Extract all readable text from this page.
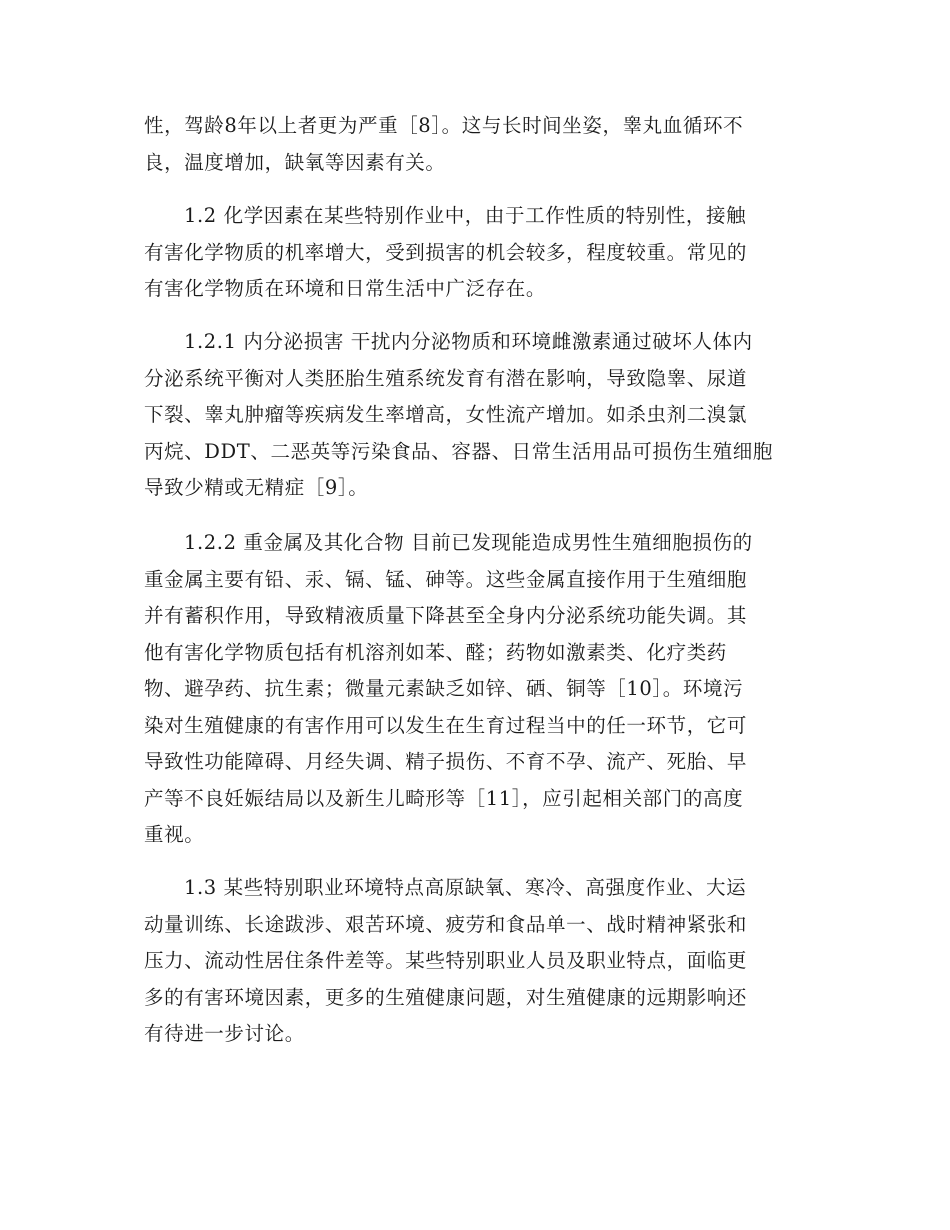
性，驾龄8年以上者更为严重［8］。这与长时间坐姿，睾丸血循环不
良，温度增加，缺氧等因素有关。

1.2 化学因素在某些特别作业中，由于工作性质的特别性，接触
有害化学物质的机率增大，受到损害的机会较多，程度较重。常见的
有害化学物质在环境和日常生活中广泛存在。

1.2.1 内分泌损害 干扰内分泌物质和环境雌激素通过破坏人体内
分泌系统平衡对人类胚胎生殖系统发育有潜在影响，导致隐睾、尿道
下裂、睾丸肿瘤等疾病发生率增高，女性流产增加。如杀虫剂二溴氯
丙烷、DDT、二恶英等污染食品、容器、日常生活用品可损伤生殖细胞
导致少精或无精症［9］。

1.2.2 重金属及其化合物 目前已发现能造成男性生殖细胞损伤的
重金属主要有铅、汞、镉、锰、砷等。这些金属直接作用于生殖细胞
并有蓄积作用，导致精液质量下降甚至全身内分泌系统功能失调。其
他有害化学物质包括有机溶剂如苯、醛；药物如激素类、化疗类药
物、避孕药、抗生素；微量元素缺乏如锌、硒、铜等［10］。环境污
染对生殖健康的有害作用可以发生在生育过程当中的任一环节，它可
导致性功能障碍、月经失调、精子损伤、不育不孕、流产、死胎、早
产等不良妊娠结局以及新生儿畸形等［11］，应引起相关部门的高度
重视。

1.3 某些特别职业环境特点高原缺氧、寒冷、高强度作业、大运
动量训练、长途跋涉、艰苦环境、疲劳和食品单一、战时精神紧张和
压力、流动性居住条件差等。某些特别职业人员及职业特点，面临更
多的有害环境因素，更多的生殖健康问题，对生殖健康的远期影响还
有待进一步讨论。
